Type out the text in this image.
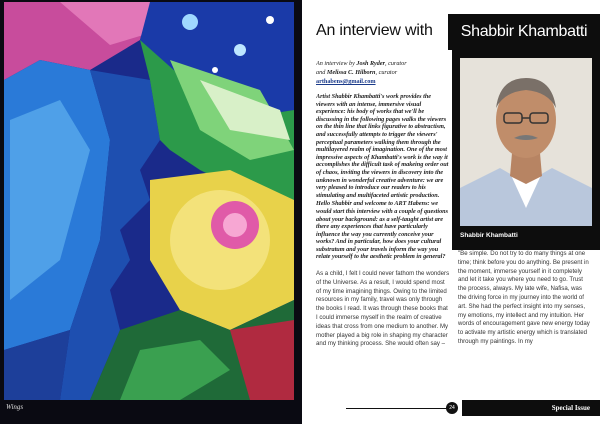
Wings
An interview with	Shabbir Khambatti
An interview by Josh Ryder, curator
and Melissa C. Hilborn, curator
arthabens@gmail.com
Artist Shabbir Khambatti's work provides the viewers with an intense, immersive visual experience: his body of works that we'll be discussing in the following pages walks the viewers on the thin line that links figurative to abstractism, and successfully attempts to trigger the viewers' perceptual parameters walking them through the multilayered realm of imagination. One of the most impressive aspects of Khambatti's work is the way it accomplishes the difficult task of makeing order out of chaos, inviting the viewers in discovery into the unknown in wonderful creative adventure: we are very pleased to introduce our readers to his stimulating and multifaceted artistic production.
Hello Shabbir and welcome to ART Habens: we would start this interview with a couple of questions about your background: as a self-taught artist are there any experiences that have particularly influence the way you currently conceive your works? And in particular, how does your cultural substratum and your travels inform the way you relate yourself to the aesthetic problem in general?
As a child, I felt I could never fathom the wonders of the Universe. As a result, I would spend most of my time imagining things. Owing to the limited resources in my family, travel was only through the books I read. It was through these books that I could immerse myself in the realm of creative ideas that cross from one medium to another. My mother played a big role in shaping my character and my thinking process. She would often say –
Shabbir Khambatti
"Be simple. Do not try to do many things at one time; think before you do anything. Be present in the moment, immerse yourself in it completely and let it take you where you need to go. Trust the process, always. My late wife, Nafisa, was the driving force in my journey into the world of art. She had the perfect insight into my senses, my emotions, my intellect and my intuition. Her words of encouragement gave new energy today to activate my artistic energy which is translated through my paintings. In my
24	Special Issue
